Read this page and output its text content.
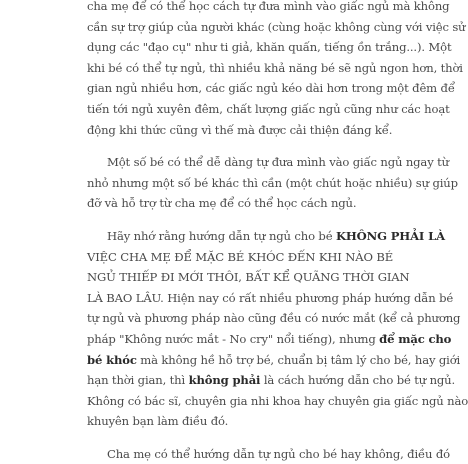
cha mẹ để có thể học cách tự đưa mình vào giấc ngủ mà không
cần sự trợ giúp của người khác (cùng hoặc không cùng với việc sử
dụng các "đạo cụ" như ti giả, khăn quấn, tiếng ồn trắng...). Một
khi bé có thể tự ngủ, thì nhiều khả năng bé sẽ ngủ ngon hơn, thời
gian ngủ nhiều hơn, các giấc ngủ kéo dài hơn trong một đêm để
tiến tới ngủ xuyên đêm, chất lượng giấc ngủ cũng như các hoạt
động khi thức cũng vì thế mà được cải thiện đáng kể.
Một số bé có thể dễ dàng tự đưa mình vào giấc ngủ ngay từ
nhỏ nhưng một số bé khác thì cần (một chút hoặc nhiều) sự giúp
đỡ và hỗ trợ từ cha mẹ để có thể học cách ngủ.
Hãy nhớ rằng hướng dẫn tự ngủ cho bé KHÔNG PHẢI LÀ
VIỆC CHA MẸ ĐỂ MẶC BÉ KHÓC ĐẾN KHI NÀO BÉ
NGỦ THIẾP ĐI MỚI THÔI, BẤT KỂ QUÃNG THỜI GIAN
LÀ BAO LÂU. Hiện nay có rất nhiều phương pháp hướng dẫn bé
tự ngủ và phương pháp nào cũng đều có nước mắt (kể cả phương
pháp "Không nước mắt - No cry" nổi tiếng), nhưng để mặc cho
bé khóc mà không hề hỗ trợ bé, chuẩn bị tâm lý cho bé, hay giới
hạn thời gian, thì không phải là cách hướng dẫn cho bé tự ngủ.
Không có bác sĩ, chuyên gia nhi khoa hay chuyên gia giấc ngủ nào
khuyên bạn làm điều đó.
Cha mẹ có thể hướng dẫn tự ngủ cho bé hay không, điều đó
